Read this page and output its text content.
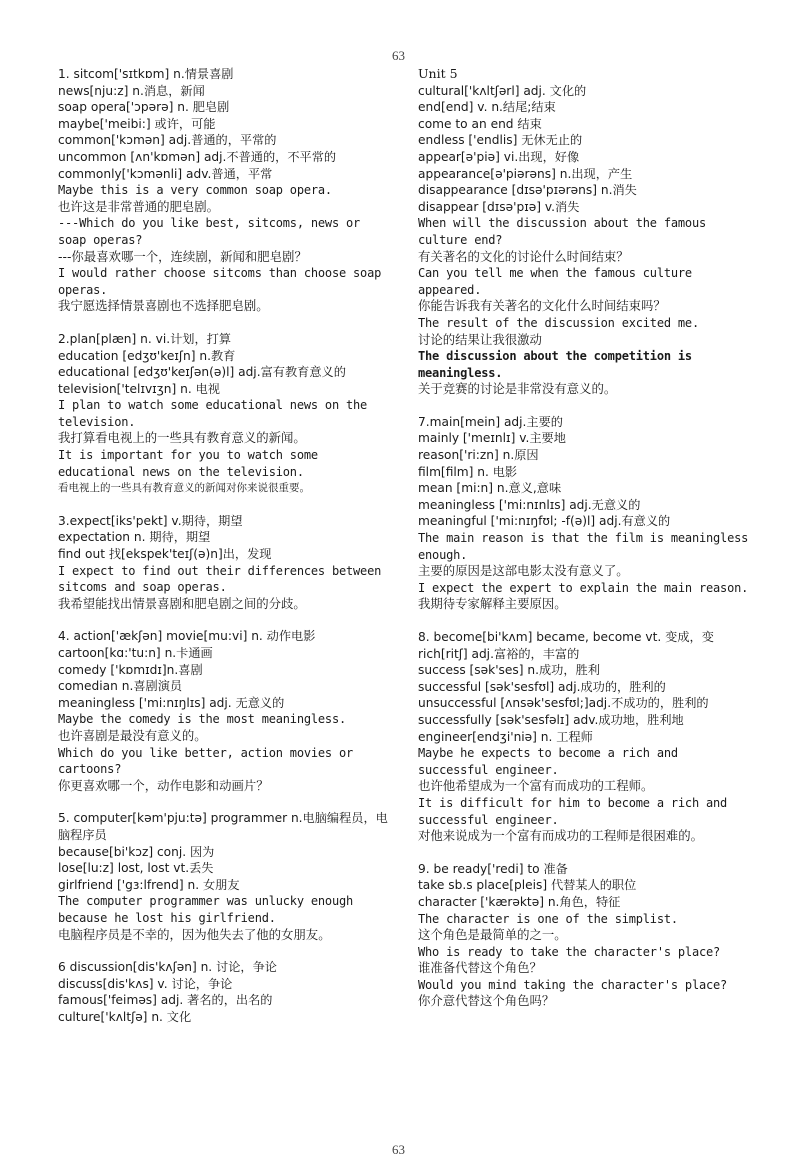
63
1. sitcom['sɪtkɒm] n.情景喜剧
news[nju:z] n.消息，新闻
soap opera['ɔpərə] n. 肥皂剧
maybe['meibi:] 或许，可能
common['kɔmən] adj.普通的，平常的
uncommon [ʌn'kɒmən] adj.不普通的，不平常的
commonly['kɔmənli] adv.普通，平常
Maybe this is a very common soap opera.
也许这是非常普通的肥皂剧。
---Which do you like best, sitcoms, news or soap operas?
---你最喜欢哪一个，连续剧，新闻和肥皂剧？
I would rather choose sitcoms than choose soap operas.
我宁愿选择情景喜剧也不选择肥皂剧。
2.plan[plæn] n. vi.计划，打算
education [edʒʊ'keɪʃn] n.教育
educational [edʒʊ'keɪʃən(ə)l] adj.富有教育意义的
television['telɪvɪʒn] n. 电视
I plan to watch some educational news on the television.
我打算看电视上的一些具有教育意义的新闻。
It is important for you to watch some educational news on the television.
看电视上的一些具有教育意义的新闻对你来说很重要。
3.expect[iks'pekt] v.期待，期望
expectation n. 期待，期望
find out 找[ekspek'teɪʃ(ə)n]出，发现
I expect to find out their differences between sitcoms and soap operas.
我希望能找出情景喜剧和肥皂剧之间的分歧。
4. action['ækʃən] movie[mu:vi] n. 动作电影
cartoon[kɑ:'tu:n] n.卡通画
comedy ['kɒmɪdɪ]n.喜剧
comedian n.喜剧演员
meaningless ['mi:nɪŋlɪs] adj. 无意义的
Maybe the comedy is the most meaningless.
也许喜剧是最没有意义的。
Which do you like better, action movies or cartoons?
你更喜欢哪一个，动作电影和动画片？
5. computer[kəm'pju:tə] programmer n.电脑编程员，电脑程序员
because[bi'kɔz] conj. 因为
lose[lu:z] lost, lost vt.丢失
girlfriend ['gɜ:lfrend] n. 女朋友
The computer programmer was unlucky enough because he lost his girlfriend.
电脑程序员是不幸的，因为他失去了他的女朋友。
6 discussion[dis'kʌʃən] n. 讨论，争论
discuss[dis'kʌs] v. 讨论，争论
famous['feiməs] adj. 著名的，出名的
culture['kʌltʃə] n. 文化

Unit 5

cultural['kʌltʃərl] adj. 文化的
end[end] v. n.结尾;结束
come to an end 结束
endless ['endlis] 无休无止的
appear[ə'piə] vi.出现，好像
appearance[ə'piərəns] n.出现，产生
disappearance [dɪsə'pɪərəns] n.消失
disappear [dɪsə'pɪə] v.消失
When will the discussion about the famous culture end?
有关著名的文化的讨论什么时间结束？
Can you tell me when the famous culture appeared.
你能告诉我有关著名的文化什么时间结束吗？
The result of the discussion excited me.
讨论的结果让我很激动
The discussion about the competition is meaningless.
关于竞赛的讨论是非常没有意义的。
7.main[mein] adj.主要的
mainly ['meɪnlɪ] v.主要地
reason['ri:zn] n.原因
film[film] n. 电影
mean [mi:n] n.意义,意味
meaningless ['mi:nɪnlɪs] adj.无意义的
meaningful ['mi:nɪŋfʊl; -f(ə)l] adj.有意义的
The main reason is that the film is meaningless enough.
主要的原因是这部电影太没有意义了。
I expect the expert to explain the main reason.
我期待专家解释主要原因。
8. become[bi'kʌm] became, become vt. 变成，变
rich[ritʃ] adj.富裕的，丰富的
success [sək'ses] n.成功，胜利
successful [sək'sesfʊl] adj.成功的，胜利的
unsuccessful [ʌnsək'sesfʊl;]adj.不成功的，胜利的
successfully [sək'sesfəlɪ] adv.成功地，胜利地
engineer[endʒi'niə] n. 工程师
Maybe he expects to become a rich and successful engineer.
也许他希望成为一个富有而成功的工程师。
It is difficult for him to become a rich and successful engineer.
对他来说成为一个富有而成功的工程师是很困难的。
9. be ready['redi] to 准备
take sb.s place[pleis] 代替某人的职位
character ['kærəktə] n.角色，特征
The character is one of the simplist.
这个角色是最简单的之一。
Who is ready to take the character's place?
谁准备代替这个角色？
Would you mind taking the character's place?
你介意代替这个角色吗？
63
